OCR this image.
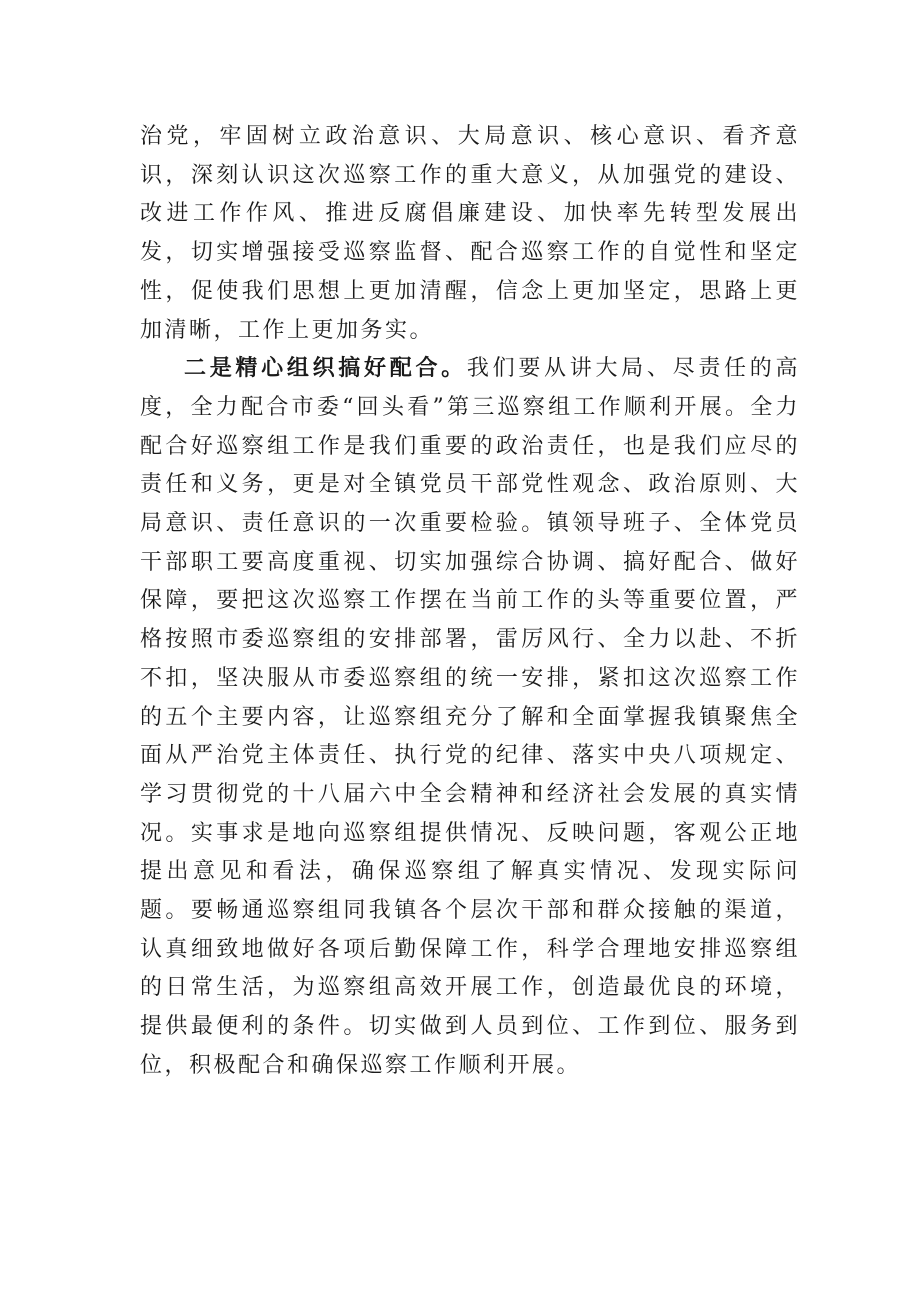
治党，牢固树立政治意识、大局意识、核心意识、看齐意识，深刻认识这次巡察工作的重大意义，从加强党的建设、改进工作作风、推进反腐倡廉建设、加快率先转型发展出发，切实增强接受巡察监督、配合巡察工作的自觉性和坚定性，促使我们思想上更加清醒，信念上更加坚定，思路上更加清晰，工作上更加务实。

二是精心组织搞好配合。我们要从讲大局、尽责任的高度，全力配合市委“回头看”第三巡察组工作顺利开展。全力配合好巡察组工作是我们重要的政治责任，也是我们应尽的责任和义务，更是对全镇党员干部党性观念、政治原则、大局意识、责任意识的一次重要检验。镇领导班子、全体党员干部职工要高度重视、切实加强综合协调、搞好配合、做好保障，要把这次巡察工作摆在当前工作的头等重要位置，严格按照市委巡察组的安排部署，雷厉风行、全力以赴、不折不扣，坚决服从市委巡察组的统一安排，紧扣这次巡察工作的五个主要内容，让巡察组充分了解和全面掌握我镇聚焦全面从严治党主体责任、执行党的纪律、落实中央八项规定、学习贯彻党的十八届六中全会精神和经济社会发展的真实情况。实事求是地向巡察组提供情况、反映问题，客观公正地提出意见和看法，确保巡察组了解真实情况、发现实际问题。要畅通巡察组同我镇各个层次干部和群众接触的渠道，认真细致地做好各项后勤保障工作，科学合理地安排巡察组的日常生活，为巡察组高效开展工作，创造最优良的环境，提供最便利的条件。切实做到人员到位、工作到位、服务到位，积极配合和确保巡察工作顺利开展。
